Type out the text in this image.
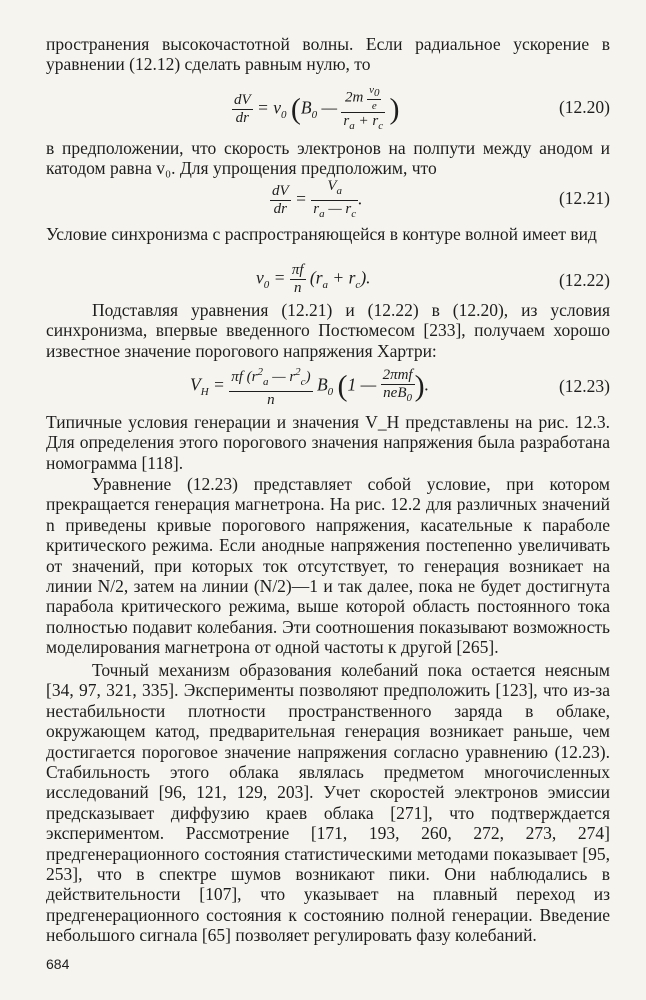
пространения высокочастотной волны. Если радиальное ускорение в уравнении (12.12) сделать равным нулю, то

$\frac{dV}{dr} = v_0$ ($B_0$ — $\frac{2m \frac{v0}{e}}{r_a + r_c}$ )	(12.20)

в предположении, что скорость электронов на полпути между анодом и катодом равна v₀. Для упрощения предположим, что

$\frac{dV}{dr} = \frac{V_a}{r_a — r_c}$ .	(12.21)

Условие синхронизма с распространяющейся в контуре волной имеет вид

$v_0 = \frac{\pi f}{n} (r_a + r_c)$.	(12.22)

Подставляя уравнения (12.21) и (12.22) в (12.20), из условия синхронизма, впервые введенного Постюмесом [233], получаем хорошо известное значение порогового напряжения Хартри:

$V_H = \frac{\pi f (r^2_a — r^2_c)}{n} B_0$ (1 — $\frac{\text{2πmf}}{neB_0}$ ).	(12.23)

Типичные условия генерации и значения V_H представлены на рис. 12.3. Для определения этого порогового значения напряжения была разработана номограмма [118].

Уравнение (12.23) представляет собой условие, при котором прекращается генерация магнетрона. На рис. 12.2 для различных значений n приведены кривые порогового напряжения, касательные к параболе критического режима. Если анодные напряжения постепенно увеличивать от значений, при которых ток отсутствует, то генерация возникает на линии N/2, затем на линии (N/2)—1 и так далее, пока не будет достигнута парабола критического режима, выше которой область постоянного тока полностью подавит колебания. Эти соотношения показывают возможность моделирования магнетрона от одной частоты к другой [265].

Точный механизм образования колебаний пока остается неясным [34, 97, 321, 335]. Эксперименты позволяют предположить [123], что из-за нестабильности плотности пространственного заряда в облаке, окружающем катод, предварительная генерация возникает раньше, чем достигается пороговое значение напряжения согласно уравнению (12.23). Стабильность этого облака являлась предметом многочисленных исследований [96, 121, 129, 203]. Учет скоростей электронов эмиссии предсказывает диффузию краев облака [271], что подтверждается экспериментом. Рассмотрение [171, 193, 260, 272, 273, 274] предгенерационного состояния статистическими методами показывает [95, 253], что в спектре шумов возникают пики. Они наблюдались в действительности [107], что указывает на плавный переход из предгенерационного состояния к состоянию полной генерации. Введение небольшого сигнала [65] позволяет регулировать фазу колебаний.

684
